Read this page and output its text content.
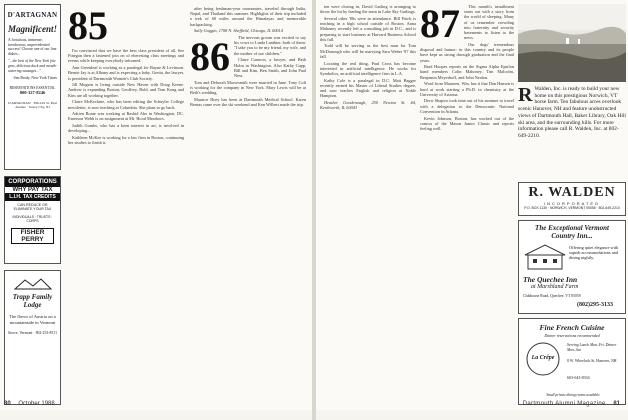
D'ARTAGNAN
Magnificent!
A fortuitous, immense, treacherous, unprecedented success! Choose one of our fine dishes...
"...the best of the New York foie gras, delicious duck and mouth-watering sausages..."
-Jim Brady, New York Times
RESERVATIONS ESSENTIAL
800-327-8246
D'ARTAGNAN · 399-419 St. Paul Avenue · Jersey City, NJ
CORPORATIONS
WHY PAY TAX
L.I.H. TAX CREDITS
CAN REDUCE OR ELIMINATE YOUR TAX
INDIVIDUALS · TRUSTS · CORPS
FISHER PERRY
Trapp Family Lodge
The flavor of Austria on a mountainside in Vermont
Stowe, Vermont · 802-253-8511
85

I'm convinced that we have the best class president of all. See Finegan then a fastened join on of eberesting class meetings and events while keeping everybody informed.

Ann Greenleaf is working as a paralegal for Bayne & Levinson. Bernie Jay is at Albany and is expecting a baby. Gretta, the lawyer, is president of Dartmouth Women's Club Society.

Jill Mogsen is living outside New Haven with Doug Keene. Andrew is expanding Boston, Geoffrey, Bold, and Tom Kong and Kim are all working together.

Claire McKechnie, who has been editing the Schuyler College newsletter, is now teaching at Columbia. She plans to go back.

Adrien Bonte was working at Rashid Abo in Washington, DC. Emerson Webb is on assignment at Mt. Hood Meadows.

Judith Gombs, who has a keen interest in art, is involved in developing...

Kathleen McKee is working for a law firm in Boston, continuing her studies to finish it.

after being freshman-year roommates, traveled through India, Nepal, and Thailand this summer. Highlights of their trip included a trek of 60 miles around the Himalayas and memorable backpacking.

Sally Goggin, 1708 N. Sheffield, Chicago, IL 60614

86	The nervous groom was excited to say his vows to Linda Lanthier, both of them: "I take you to be my friend, my wife, and the mother of our children."

Claire Connors, a lawyer, and Beth Holm in Washington. Also Kathy Cupp, Bill and Kim, Ben Smith, and John Paul Ness.

Tom and Deborah Morsesmith were married in June. Tony Colt is working for the company in New York. Mary Lewis will be at Beth's wedding.

Maurice Hoey has been at Dartmouth Medical School. Karen Bernas came over the ski weekend and Ken Wilbert made the trip.

80 October 1988

ten were closing in, David Garling is arranging to throw the lot by leading the team in Lake Sky Garlings.

Several other '86s were in attendance. Bill Finch is teaching in a high school outside of Boston. Anna Mahoney recently left a consulting job in D.C., and is preparing to start business at Harvard Business School this fall.

Todd will be serving as the best man for Tom McDonough who will be marrying Sara Weber '87 this fall.

Locating the real thing, Paul Cross has become interested in artificial intelligence. He works for Symbolics, an artificial intelligence firm in L.A.

Kathy Cole is a paralegal in D.C. Matt Bagger recently earned his Master of Liberal Studies degree, and now teaches English and religion at Noble Hampton.

Heather Goodenough, 250 Newton St. #4, Kenilworth, IL 60043

87	This month's installment starts out with a story from the world of sleeping. Many of us remember crowding into fraternity and sorority basements to listen to the news.

Our dogs' tremendous disposal and humor: in this country and its people have kept us strong through graduation and the final years.

Brad Hoopes reports on the Sigma Alpha Epsilon band members Colin Mahoney, Tim Malcolm, Benjamin Meyerhoff, and John Nealon.

Word from Maureen, Win, has it that Dan Hansen is hard at work starting a Ph.D. in chemistry at the University of Arizona.

Drew Shapiro took time out of his summer to travel with a delegation to the Democratic National Convention in Atlanta.

Kevin Johnson, Boston, has worked out of the comics of the Mason Junior Classic and reports feeling well.

R Walden, Inc. is ready to build your new home on this prestigious Norwich, VT horse farm. Ten fabulous acres overlook scenic Hanover, NH and feature unobstructed views of Dartmouth Hall, Baker Library, Oak Hill ski area, and the surrounding hills. For more information please call R. Walden, Inc. at 802-649-2210.
R. WALDEN
INCORPORATED
P.O. BOX 1135 · NORWICH, VERMONT 05055 · 802-649-2210
The Exceptional Vermont
Country Inn...
Offering quiet elegance with superb accommodations and dining nightly.
The Quechee Inn
at Marshland Farm
Clubhouse Road, Quechee, VT 05059
(802)295-3133
Fine French Cuisine
Dinner reservations recommended
La Crêpe
Serving Lunch Mon–Fri, Dinner Mon–Sat
8 W. Wheelock St. Hanover, NH
603-643-8334
Small private dining rooms available
Dartmouth Alumni Magazine 81
